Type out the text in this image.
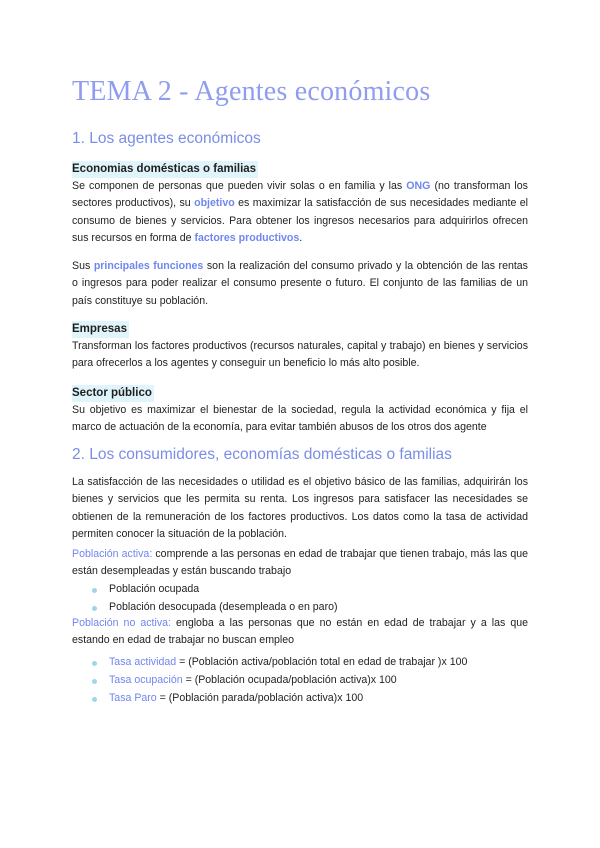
TEMA 2 - Agentes económicos
1. Los agentes económicos
Economias domésticas o familias

Se componen de personas que pueden vivir solas o en familia y las ONG (no transforman los sectores productivos), su objetivo es maximizar la satisfacción de sus necesidades mediante el consumo de bienes y servicios. Para obtener los ingresos necesarios para adquirirlos ofrecen sus recursos en forma de factores productivos.

Sus principales funciones son la realización del consumo privado y la obtención de las rentas o ingresos para poder realizar el consumo presente o futuro. El conjunto de las familias de un país constituye su población.

Empresas

Transforman los factores productivos (recursos naturales, capital y trabajo) en bienes y servicios para ofrecerlos a los agentes y conseguir un beneficio lo más alto posible.

Sector público

Su objetivo es maximizar el bienestar de la sociedad, regula la actividad económica y fija el marco de actuación de la economía, para evitar también abusos de los otros dos agente

2. Los consumidores, economías domésticas o familias

La satisfacción de las necesidades o utilidad es el objetivo básico de las familias, adquirirán los bienes y servicios que les permita su renta. Los ingresos para satisfacer las necesidades se obtienen de la remuneración de los factores productivos. Los datos como la tasa de actividad permiten conocer la situación de la población.

Población activa: comprende a las personas en edad de trabajar que tienen trabajo, más las que están desempleadas y están buscando trabajo

Población ocupada
Población desocupada (desempleada o en paro)

Población no activa: engloba a las personas que no están en edad de trabajar y a las que estando en edad de trabajar no buscan empleo

Tasa actividad = (Población activa/población total en edad de trabajar )x 100
Tasa ocupación = (Población ocupada/población activa)x 100
Tasa Paro = (Población parada/población activa)x 100
